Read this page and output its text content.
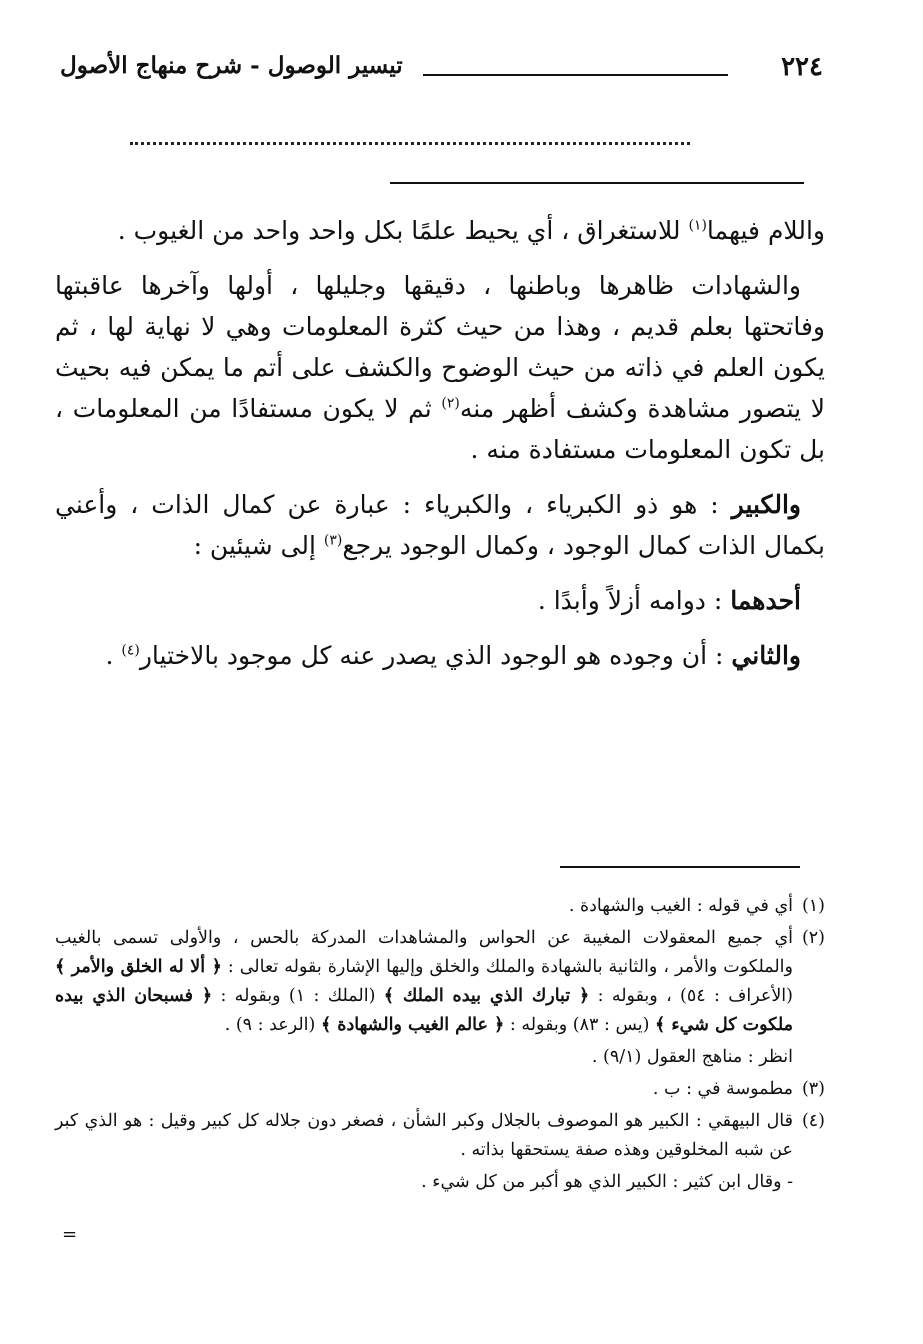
٢٢٤
تيسير الوصول - شرح منهاج الأصول

واللام فيهما$^{(١)}$ للاستغراق ، أي يحيط علمًا بكل واحد واحد من الغيوب .

والشهادات ظاهرها وباطنها ، دقيقها وجليلها ، أولها وآخرها عاقبتها وفاتحتها بعلم قديم ، وهذا من حيث كثرة المعلومات وهي لا نهاية لها ، ثم يكون العلم في ذاته من حيث الوضوح والكشف على أتم ما يمكن فيه بحيث لا يتصور مشاهدة وكشف أظهر منه$^{(٢)}$ ثم لا يكون مستفادًا من المعلومات ، بل تكون المعلومات مستفادة منه .

والكبير : هو ذو الكبرياء ، والكبرياء : عبارة عن كمال الذات ، وأعني بكمال الذات كمال الوجود ، وكمال الوجود يرجع$^{(٣)}$ إلى شيئين :

أحدهما : دوامه أزلاً وأبدًا .

والثاني : أن وجوده هو الوجود الذي يصدر عنه كل موجود بالاختيار$^{(٤)}$ .

(١)
أي في قوله : الغيب والشهادة .
(٢)
أي جميع المعقولات المغيبة عن الحواس والمشاهدات المدركة بالحس ، والأولى تسمى بالغيب والملكوت والأمر ، والثانية بالشهادة والملك والخلق وإليها الإشارة بقوله تعالى : ﴿ ألا له الخلق والأمر ﴾ (الأعراف : ٥٤) ، وبقوله : ﴿ تبارك الذي بيده الملك ﴾ (الملك : ١) وبقوله : ﴿ فسبحان الذي بيده ملكوت كل شيء ﴾ (يس : ٨٣) وبقوله : ﴿ عالم الغيب والشهادة ﴾ (الرعد : ٩) .
انظر : مناهج العقول (٩/١) .
(٣)
مطموسة في : ب .
(٤)
قال البيهقي : الكبير هو الموصوف بالجلال وكبر الشأن ، فصغر دون جلاله كل كبير وقيل : هو الذي كبر عن شبه المخلوقين وهذه صفة يستحقها بذاته .
- وقال ابن كثير : الكبير الذي هو أكبر من كل شيء .
=
